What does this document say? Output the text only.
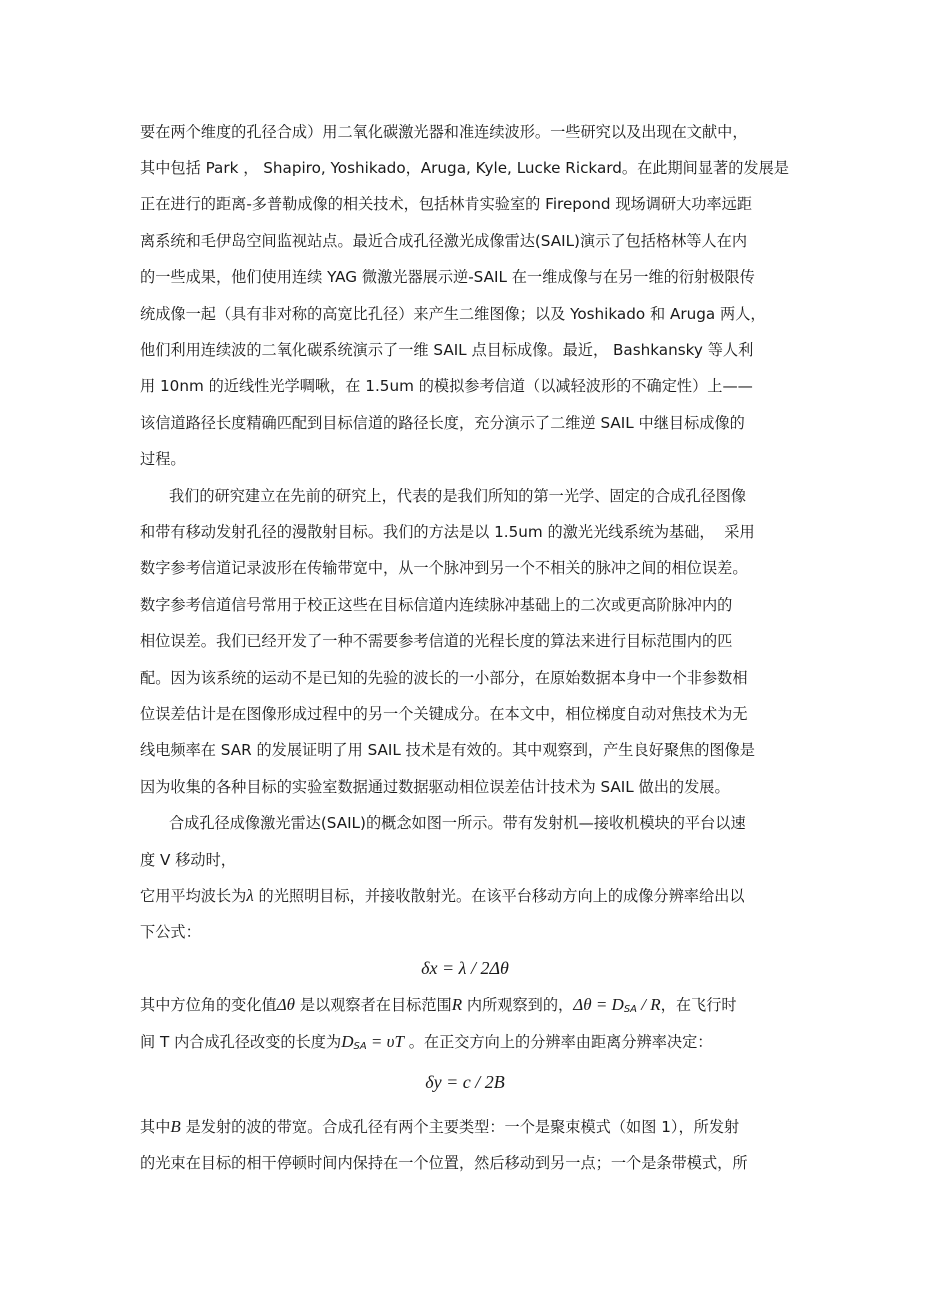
要在两个维度的孔径合成）用二氧化碳激光器和准连续波形。一些研究以及出现在文献中，
其中包括 Park ， Shapiro, Yoshikado，Aruga, Kyle, Lucke Rickard。在此期间显著的发展是
正在进行的距离-多普勒成像的相关技术，包括林肯实验室的 Firepond 现场调研大功率远距
离系统和毛伊岛空间监视站点。最近合成孔径激光成像雷达(SAIL)演示了包括格林等人在内
的一些成果，他们使用连续 YAG 微激光器展示逆-SAIL 在一维成像与在另一维的衍射极限传
统成像一起（具有非对称的高宽比孔径）来产生二维图像；以及 Yoshikado 和 Aruga 两人，
他们利用连续波的二氧化碳系统演示了一维 SAIL 点目标成像。最近， Bashkansky 等人利
用 10nm 的近线性光学啁啾，在 1.5um 的模拟参考信道（以减轻波形的不确定性）上——
该信道路径长度精确匹配到目标信道的路径长度，充分演示了二维逆 SAIL 中继目标成像的
过程。
我们的研究建立在先前的研究上，代表的是我们所知的第一光学、固定的合成孔径图像
和带有移动发射孔径的漫散射目标。我们的方法是以 1.5um 的激光光线系统为基础，  采用
数字参考信道记录波形在传输带宽中，从一个脉冲到另一个不相关的脉冲之间的相位误差。
数字参考信道信号常用于校正这些在目标信道内连续脉冲基础上的二次或更高阶脉冲内的
相位误差。我们已经开发了一种不需要参考信道的光程长度的算法来进行目标范围内的匹
配。因为该系统的运动不是已知的先验的波长的一小部分，在原始数据本身中一个非参数相
位误差估计是在图像形成过程中的另一个关键成分。在本文中，相位梯度自动对焦技术为无
线电频率在 SAR 的发展证明了用 SAIL 技术是有效的。其中观察到，产生良好聚焦的图像是
因为收集的各种目标的实验室数据通过数据驱动相位误差估计技术为 SAIL 做出的发展。
合成孔径成像激光雷达(SAIL)的概念如图一所示。带有发射机—接收机模块的平台以速
度 V 移动时，
它用平均波长为λ 的光照明目标，并接收散射光。在该平台移动方向上的成像分辨率给出以
下公式：
δx = λ / 2Δθ
其中方位角的变化值Δθ 是以观察者在目标范围R 内所观察到的，$\Delta\theta = D_{SA} / R$，在飞行时
间 T 内合成孔径改变的长度为$D_{SA} = \upsilon T$ 。在正交方向上的分辨率由距离分辨率决定：
δy = c / 2B
其中B 是发射的波的带宽。合成孔径有两个主要类型：一个是聚束模式（如图 1），所发射
的光束在目标的相干停顿时间内保持在一个位置，然后移动到另一点；一个是条带模式，所
